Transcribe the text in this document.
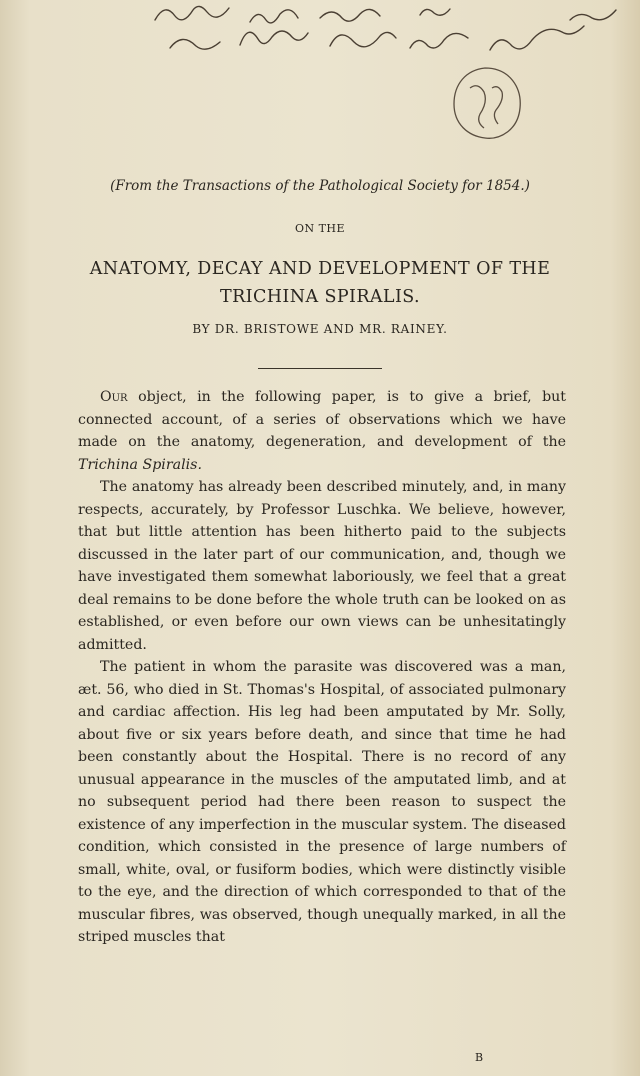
(From the Transactions of the Pathological Society for 1854.)
ON THE
ANATOMY, DECAY AND DEVELOPMENT OF THE TRICHINA SPIRALIS.
BY DR. BRISTOWE AND MR. RAINEY.

Our object, in the following paper, is to give a brief, but connected account, of a series of observations which we have made on the anatomy, degeneration, and development of the Trichina Spiralis.

The anatomy has already been described minutely, and, in many respects, accurately, by Professor Luschka. We believe, however, that but little attention has been hitherto paid to the subjects discussed in the later part of our communication, and, though we have investigated them somewhat laboriously, we feel that a great deal remains to be done before the whole truth can be looked on as established, or even before our own views can be unhesitatingly admitted.

The patient in whom the parasite was discovered was a man, æt. 56, who died in St. Thomas's Hospital, of associated pulmonary and cardiac affection. His leg had been amputated by Mr. Solly, about five or six years before death, and since that time he had been constantly about the Hospital. There is no record of any unusual appearance in the muscles of the amputated limb, and at no subsequent period had there been reason to suspect the existence of any imperfection in the muscular system. The diseased condition, which consisted in the presence of large numbers of small, white, oval, or fusiform bodies, which were distinctly visible to the eye, and the direction of which corresponded to that of the muscular fibres, was observed, though unequally marked, in all the striped muscles that

B
